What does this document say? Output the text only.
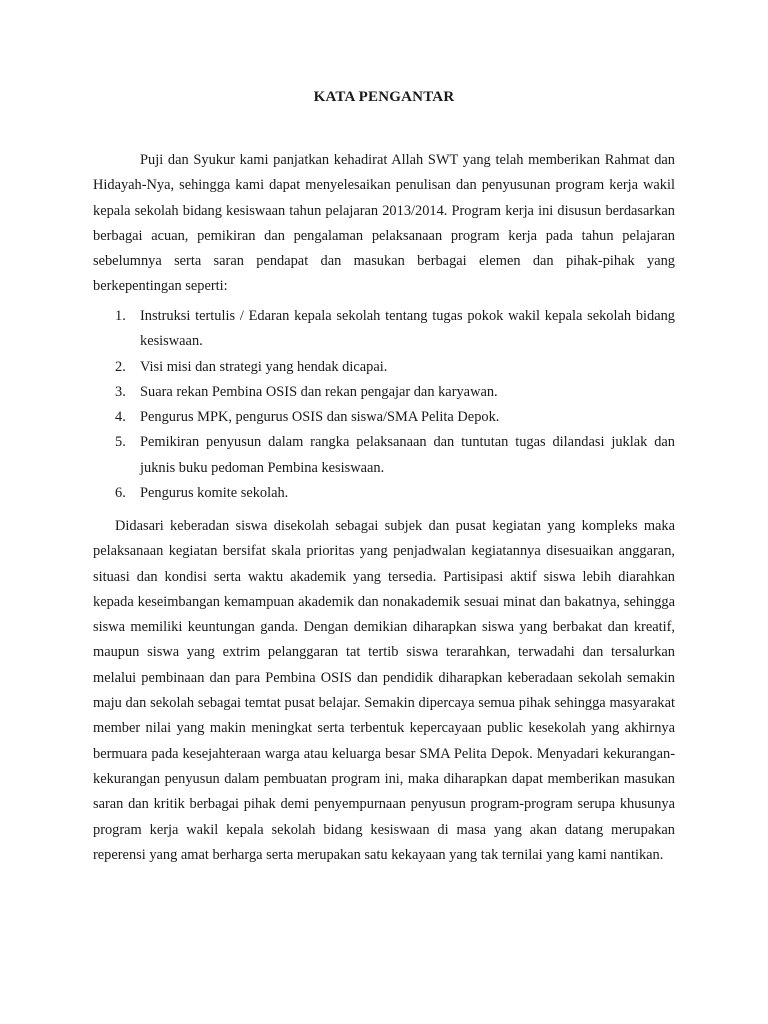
KATA PENGANTAR
Puji dan Syukur kami panjatkan kehadirat Allah SWT yang telah memberikan Rahmat dan Hidayah-Nya, sehingga kami dapat menyelesaikan penulisan dan penyusunan program kerja wakil kepala sekolah bidang kesiswaan tahun pelajaran 2013/2014. Program kerja ini disusun berdasarkan berbagai acuan, pemikiran dan pengalaman pelaksanaan program kerja pada tahun pelajaran sebelumnya serta saran pendapat dan masukan berbagai elemen dan pihak-pihak yang berkepentingan seperti:
1. Instruksi tertulis / Edaran kepala sekolah tentang tugas pokok wakil kepala sekolah bidang kesiswaan.
2. Visi misi dan strategi yang hendak dicapai.
3. Suara rekan Pembina OSIS dan rekan pengajar dan karyawan.
4. Pengurus MPK, pengurus OSIS dan siswa/SMA Pelita Depok.
5. Pemikiran penyusun dalam rangka pelaksanaan dan tuntutan tugas dilandasi juklak dan juknis buku pedoman Pembina kesiswaan.
6. Pengurus komite sekolah.
Didasari keberadan siswa disekolah sebagai subjek dan pusat kegiatan yang kompleks maka pelaksanaan kegiatan bersifat skala prioritas yang penjadwalan kegiatannya disesuaikan anggaran, situasi dan kondisi serta waktu akademik yang tersedia. Partisipasi aktif siswa lebih diarahkan kepada keseimbangan kemampuan akademik dan nonakademik sesuai minat dan bakatnya, sehingga siswa memiliki keuntungan ganda. Dengan demikian diharapkan siswa yang berbakat dan kreatif, maupun siswa yang extrim pelanggaran tat tertib siswa terarahkan, terwadahi dan tersalurkan melalui pembinaan dan para Pembina OSIS dan pendidik diharapkan keberadaan sekolah semakin maju dan sekolah sebagai temtat pusat belajar. Semakin dipercaya semua pihak sehingga masyarakat member nilai yang makin meningkat serta terbentuk kepercayaan public kesekolah yang akhirnya bermuara pada kesejahteraan warga atau keluarga besar SMA Pelita Depok. Menyadari kekurangan-kekurangan penyusun dalam pembuatan program ini, maka diharapkan dapat memberikan masukan saran dan kritik berbagai pihak demi penyempurnaan penyusun program-program serupa khusunya program kerja wakil kepala sekolah bidang kesiswaan di masa yang akan datang merupakan reperensi yang amat berharga serta merupakan satu kekayaan yang tak ternilai yang kami nantikan.
